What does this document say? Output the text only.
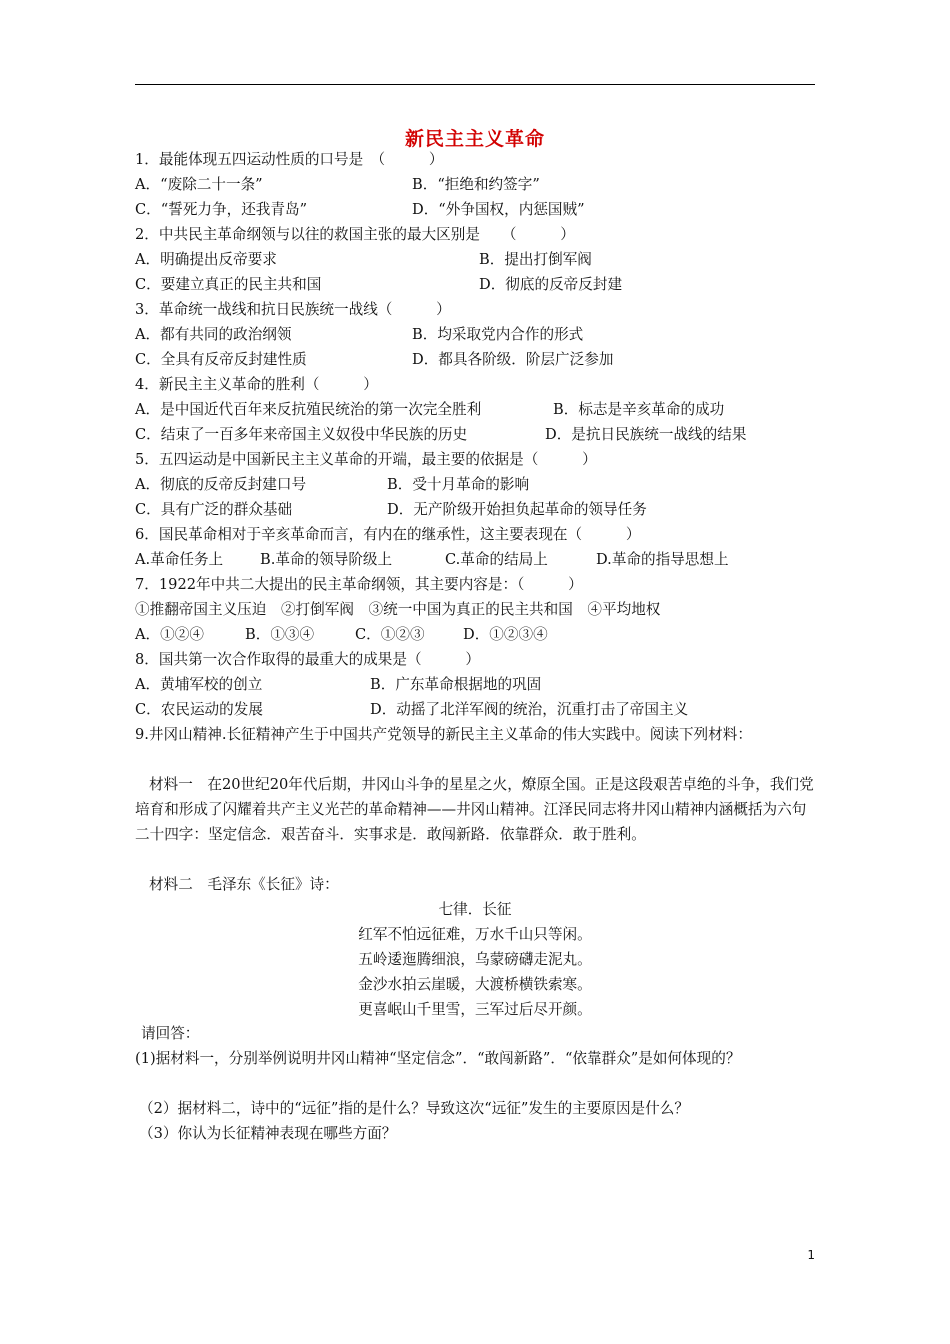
新民主主义革命
1．最能体现五四运动性质的口号是　（　　　）
A．“废除二十一条”	B．“拒绝和约签字”
C．“誓死力争，还我青岛”	D．“外争国权，内惩国贼”
2．中共民主革命纲领与以往的救国主张的最大区别是　　（　　　）
A．明确提出反帝要求	B．提出打倒军阀
C．要建立真正的民主共和国	D．彻底的反帝反封建
3．革命统一战线和抗日民族统一战线（　　　）
A．都有共同的政治纲领	B．均采取党内合作的形式
C．全具有反帝反封建性质	D．都具各阶级．阶层广泛参加
4．新民主主义革命的胜利（　　　）
A．是中国近代百年来反抗殖民统治的第一次完全胜利	B．标志是辛亥革命的成功
C．结束了一百多年来帝国主义奴役中华民族的历史	D．是抗日民族统一战线的结果
5．五四运动是中国新民主主义革命的开端，最主要的依据是（　　　）
A．彻底的反帝反封建口号	B．受十月革命的影响
C．具有广泛的群众基础	D．无产阶级开始担负起革命的领导任务
6．国民革命相对于辛亥革命而言，有内在的继承性，这主要表现在（　　　）
A.革命任务上	B.革命的领导阶级上	C.革命的结局上	D.革命的指导思想上
7．1922年中共二大提出的民主革命纲领，其主要内容是：（　　　）
①推翻帝国主义压迫　②打倒军阀　③统一中国为真正的民主共和国　④平均地权
A．①②④	B．①③④	C．①②③	D．①②③④
8．国共第一次合作取得的最重大的成果是（　　　）
A．黄埔军校的创立	B．广东革命根据地的巩固
C．农民运动的发展	D．动摇了北洋军阀的统治，沉重打击了帝国主义
9.井冈山精神.长征精神产生于中国共产党领导的新民主主义革命的伟大实践中。阅读下列材料：
材料一　在20世纪20年代后期，井冈山斗争的星星之火，燎原全国。正是这段艰苦卓绝的斗争，我们党培育和形成了闪耀着共产主义光芒的革命精神——井冈山精神。江泽民同志将井冈山精神内涵概括为六句二十四字：坚定信念．艰苦奋斗．实事求是．敢闯新路．依靠群众．敢于胜利。
材料二　毛泽东《长征》诗：
七律．长征
红军不怕远征难，万水千山只等闲。
五岭逶迤腾细浪，乌蒙磅礴走泥丸。
金沙水拍云崖暖，大渡桥横铁索寒。
更喜岷山千里雪，三军过后尽开颜。
请回答：
(1)据材料一，分别举例说明井冈山精神“坚定信念”．“敢闯新路”．“依靠群众”是如何体现的？
（2）据材料二，诗中的“远征”指的是什么？导致这次“远征”发生的主要原因是什么？
（3）你认为长征精神表现在哪些方面？
1
